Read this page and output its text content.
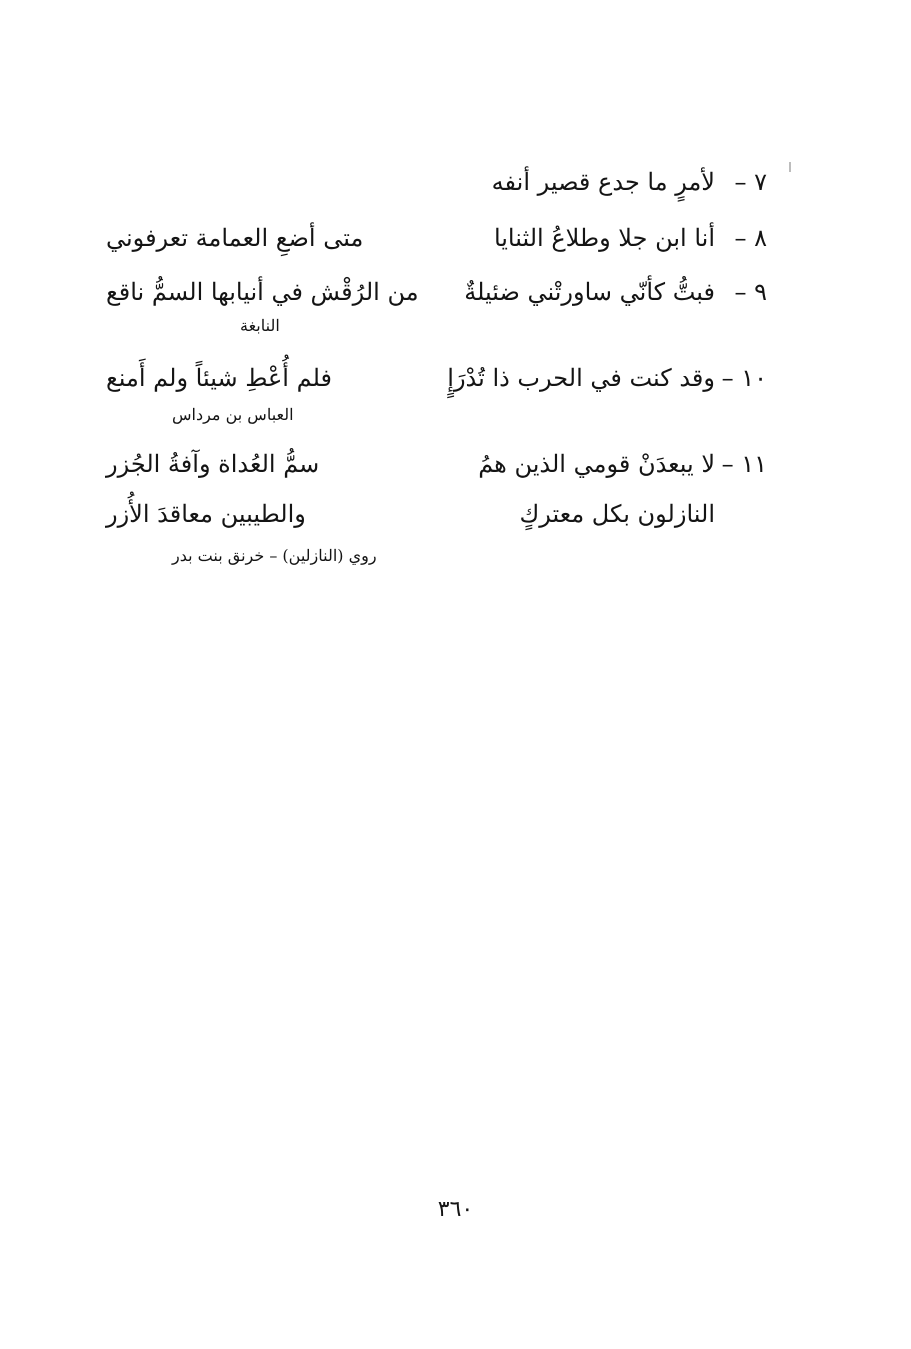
٧ –
لأمرٍ ما جدع قصير أنفه
٨ –
أنا ابن جلا وطلاعُ الثنايا
متى أضعِ العمامة تعرفوني
٩ –
فبتُّ كأنّي ساورتْني ضئيلةٌ
من الرُقْش في أنيابها السمُّ ناقع
النابغة
١٠ –
وقد كنت في الحرب ذا تُدْرَإٍ
فلم أُعْطِ شيئاً ولم أَمنع
العباس بن مرداس
١١ –
لا يبعدَنْ قومي الذين همُ
سمُّ العُداة وآفةُ الجُزر
النازلون بكل معتركٍ
والطيبين معاقدَ الأُزر
روي (النازلين) – خرنق بنت بدر
٣٦٠
